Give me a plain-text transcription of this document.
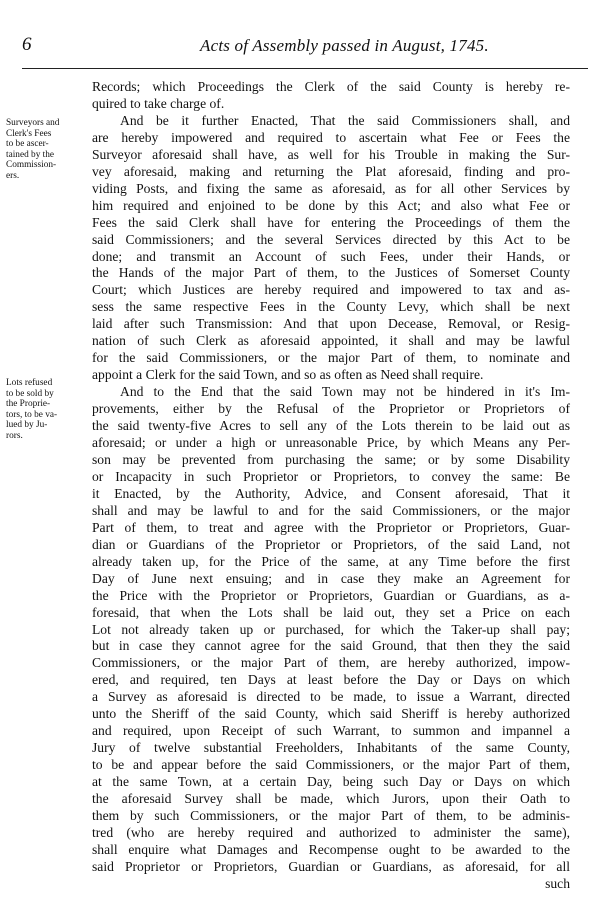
6	Acts of Assembly passed in August, 1745.
Surveyors and
Clerk's Fees
to be ascer-
tained by the
Commission-
ers.
Lots refused
to be sold by
the Proprie-
tors, to be va-
lued by Ju-
rors.
Records; which Proceedings the Clerk of the said County is hereby re-
quired to take charge of.
And be it further Enacted, That the said Commissioners shall, and
are hereby impowered and required to ascertain what Fee or Fees the
Surveyor aforesaid shall have, as well for his Trouble in making the Sur-
vey aforesaid, making and returning the Plat aforesaid, finding and pro-
viding Posts, and fixing the same as aforesaid, as for all other Services by
him required and enjoined to be done by this Act; and also what Fee or
Fees the said Clerk shall have for entering the Proceedings of them the
said Commissioners; and the several Services directed by this Act to be
done; and transmit an Account of such Fees, under their Hands, or
the Hands of the major Part of them, to the Justices of Somerset County
Court; which Justices are hereby required and impowered to tax and as-
sess the same respective Fees in the County Levy, which shall be next
laid after such Transmission: And that upon Decease, Removal, or Resig-
nation of such Clerk as aforesaid appointed, it shall and may be lawful
for the said Commissioners, or the major Part of them, to nominate and
appoint a Clerk for the said Town, and so as often as Need shall require.
And to the End that the said Town may not be hindered in it's Im-
provements, either by the Refusal of the Proprietor or Proprietors of
the said twenty-five Acres to sell any of the Lots therein to be laid out as
aforesaid; or under a high or unreasonable Price, by which Means any Per-
son may be prevented from purchasing the same; or by some Disability
or Incapacity in such Proprietor or Proprietors, to convey the same: Be
it Enacted, by the Authority, Advice, and Consent aforesaid, That it
shall and may be lawful to and for the said Commissioners, or the major
Part of them, to treat and agree with the Proprietor or Proprietors, Guar-
dian or Guardians of the Proprietor or Proprietors, of the said Land, not
already taken up, for the Price of the same, at any Time before the first
Day of June next ensuing; and in case they make an Agreement for
the Price with the Proprietor or Proprietors, Guardian or Guardians, as a-
foresaid, that when the Lots shall be laid out, they set a Price on each
Lot not already taken up or purchased, for which the Taker-up shall pay;
but in case they cannot agree for the said Ground, that then they the said
Commissioners, or the major Part of them, are hereby authorized, impow-
ered, and required, ten Days at least before the Day or Days on which
a Survey as aforesaid is directed to be made, to issue a Warrant, directed
unto the Sheriff of the said County, which said Sheriff is hereby authorized
and required, upon Receipt of such Warrant, to summon and impannel a
Jury of twelve substantial Freeholders, Inhabitants of the same County,
to be and appear before the said Commissioners, or the major Part of them,
at the same Town, at a certain Day, being such Day or Days on which
the aforesaid Survey shall be made, which Jurors, upon their Oath to
them by such Commissioners, or the major Part of them, to be adminis-
tred (who are hereby required and authorized to administer the same),
shall enquire what Damages and Recompense ought to be awarded to the
said Proprietor or Proprietors, Guardian or Guardians, as aforesaid, for all
such
